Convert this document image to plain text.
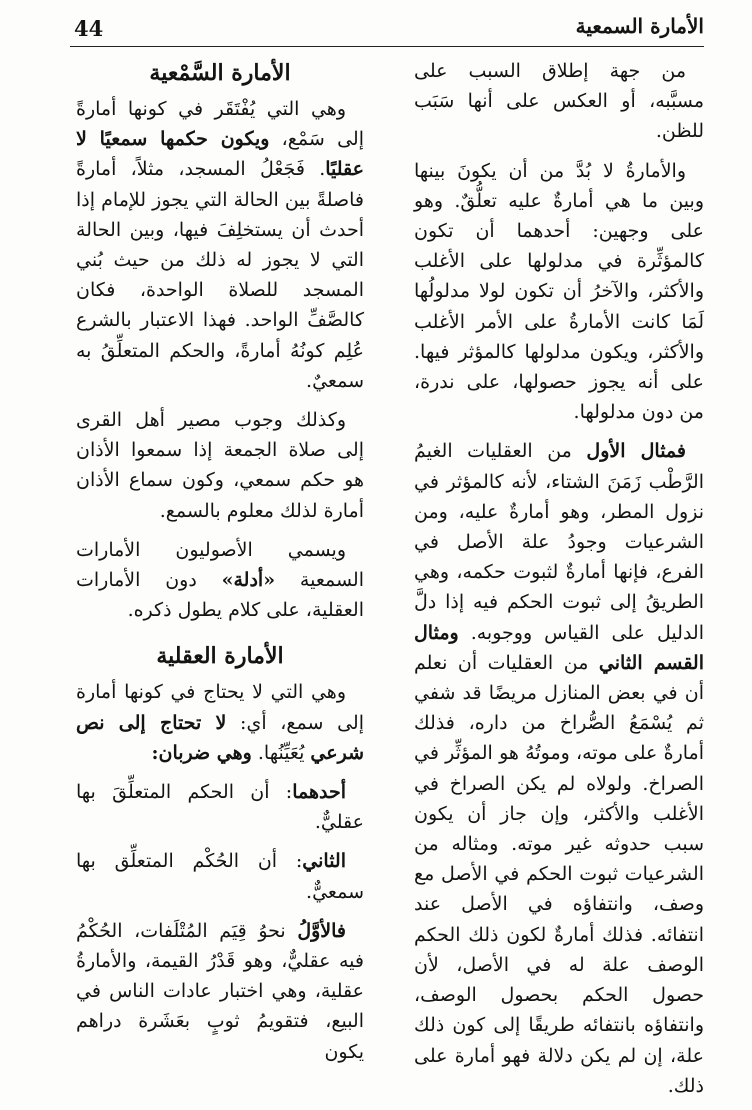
44	الأمارة السمعية

من جهة إطلاق السبب على مسبَّبه، أو العكس على أنها سَبَب للظن.

والأمارةُ لا بُدَّ من أن يكونَ بينها وبين ما هي أمارةٌ عليه تعلُّقٌ. وهو على وجهين: أحدهما أن تكون كالمؤثِّرة في مدلولها على الأغلب والأكثر، والآخرُ أن تكون لولا مدلولُها لَمَا كانت الأمارةُ على الأمر الأغلب والأكثر، ويكون مدلولها كالمؤثر فيها. على أنه يجوز حصولها، على ندرة، من دون مدلولها.

فمثال الأول من العقليات الغيمُ الرَّطْب زَمَنَ الشتاء، لأنه كالمؤثر في نزول المطر، وهو أمارةٌ عليه، ومن الشرعيات وجودُ علة الأصل في الفرع، فإنها أمارةٌ لثبوت حكمه، وهي الطريقُ إلى ثبوت الحكم فيه إذا دلَّ الدليل على القياس ووجوبه. ومثال القسم الثاني من العقليات أن نعلم أن في بعض المنازل مريضًا قد شفي ثم يُسْمَعُ الصُّراخ من داره، فذلك أمارةٌ على موته، وموتُهُ هو المؤثِّر في الصراخ. ولولاه لم يكن الصراخ في الأغلب والأكثر، وإن جاز أن يكون سبب حدوثه غير موته. ومثاله من الشرعيات ثبوت الحكم في الأصل مع وصف، وانتفاؤه في الأصل عند انتفائه. فذلك أمارةٌ لكون ذلك الحكم الوصف علة له في الأصل، لأن حصول الحكم بحصول الوصف، وانتفاؤه بانتفائه طريقًا إلى كون ذلك علة، إن لم يكن دلالة فهو أمارة على ذلك.

الأمارة السَّمْعية

وهي التي يُفْتَقَر في كونها أمارةً إلى سَمْع، ويكون حكمها سمعيًا لا عقليًا. فَجَعْلُ المسجد، مثلاً، أمارةً فاصلةً بين الحالة التي يجوز للإمام إذا أحدث أن يستخلِفَ فيها، وبين الحالة التي لا يجوز له ذلك من حيث بُني المسجد للصلاة الواحدة، فكان كالصَّفِّ الواحد. فهذا الاعتبار بالشرع عُلِم كونُهُ أمارةً، والحكم المتعلِّقُ به سمعيٌ.

وكذلك وجوب مصير أهل القرى إلى صلاة الجمعة إذا سمعوا الأذان هو حكم سمعي، وكون سماع الأذان أمارة لذلك معلوم بالسمع.

ويسمي الأصوليون الأمارات السمعية «أدلة» دون الأمارات العقلية، على كلام يطول ذكره.

الأمارة العقلية

وهي التي لا يحتاج في كونها أمارة إلى سمع، أي: لا تحتاج إلى نص شرعي يُعَيِّنُها. وهي ضربان:

أحدهما: أن الحكم المتعلِّقَ بها عقليٌّ.

الثاني: أن الحُكْم المتعلِّق بها سمعيٌّ.

فالأوَّلُ نحوُ قِيَم المُتْلَفات، الحُكْمُ فيه عقليٌّ، وهو قَدْرُ القيمة، والأمارةُ عقلية، وهي اختبار عادات الناس في البيع، فتقويمُ ثوبٍ بعَشَرة دراهم يكون
